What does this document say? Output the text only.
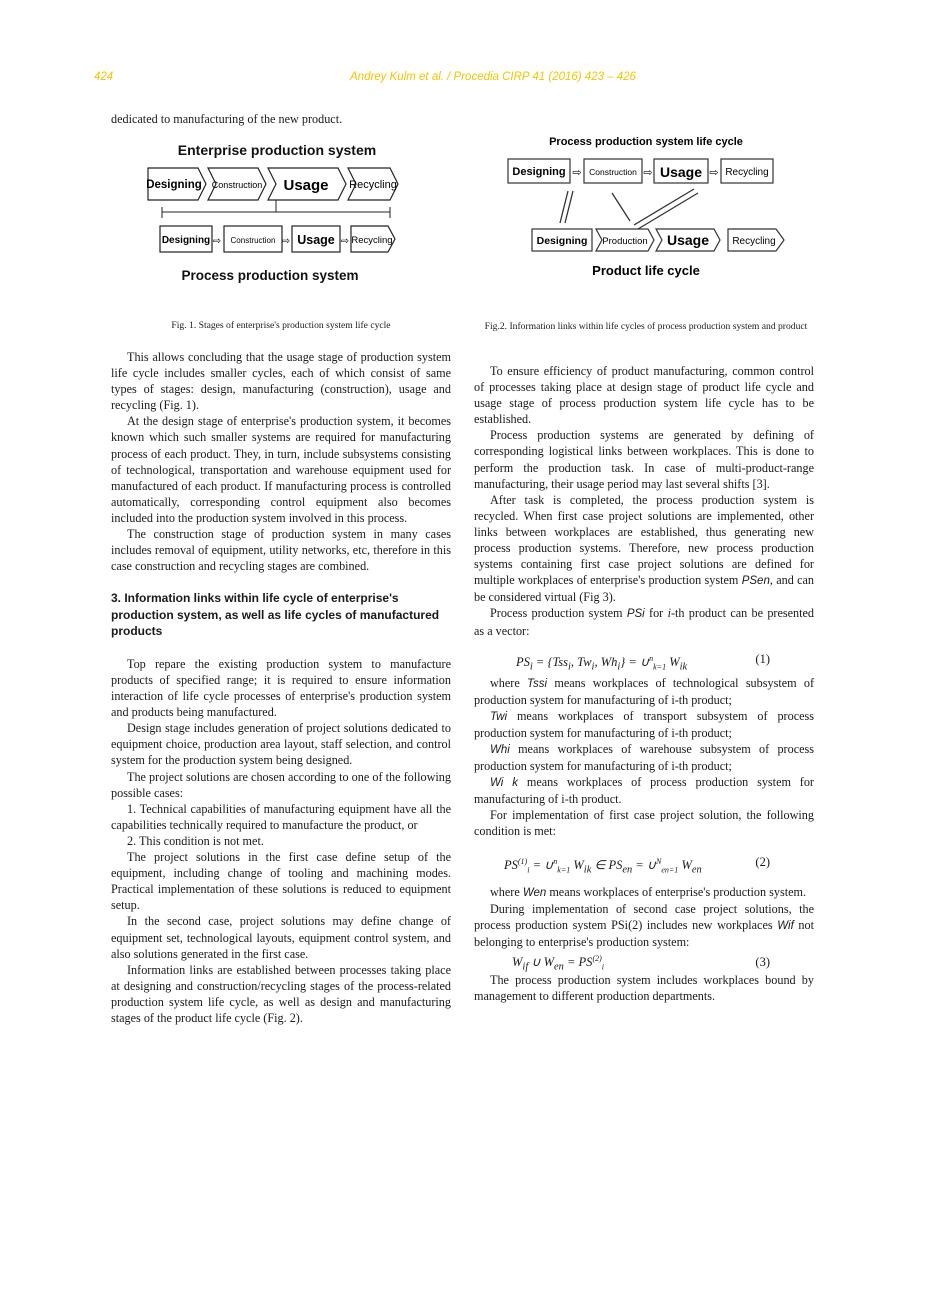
424	Andrey Kulm et al. / Procedia CIRP 41 (2016) 423 – 426

dedicated to manufacturing of the new product.

Enterprise production system
Designing Construction Usage Recycling
Designing ⇨ Construction ⇨ Usage ⇨ Recycling
Process production system
Fig. 1. Stages of enterprise's production system life cycle
Process production system life cycle
Designing ⇨ Construction ⇨ Usage ⇨ Recycling
Designing Production Usage Recycling
Product life cycle
Fig.2. Information links within life cycles of process production system and product

This allows concluding that the usage stage of production system life cycle includes smaller cycles, each of which consist of same types of stages: design, manufacturing (construction), usage and recycling (Fig. 1).

At the design stage of enterprise's production system, it becomes known which such smaller systems are required for manufacturing process of each product. They, in turn, include subsystems consisting of technological, transportation and warehouse equipment used for manufactured of each product. If manufacturing process is controlled automatically, corresponding control equipment also becomes included into the production system involved in this process.

The construction stage of production system in many cases includes removal of equipment, utility networks, etc, therefore in this case construction and recycling stages are combined.

3. Information links within life cycle of enterprise's production system, as well as life cycles of manufactured products

Top repare the existing production system to manufacture products of specified range; it is required to ensure information interaction of life cycle processes of enterprise's production system and products being manufactured.

Design stage includes generation of project solutions dedicated to equipment choice, production area layout, staff selection, and control system for the production system being designed.

The project solutions are chosen according to one of the following possible cases:

1. Technical capabilities of manufacturing equipment have all the capabilities technically required to manufacture the product, or

2. This condition is not met.

The project solutions in the first case define setup of the equipment, including change of tooling and machining modes. Practical implementation of these solutions is reduced to equipment setup.

In the second case, project solutions may define change of equipment set, technological layouts, equipment control system, and also solutions generated in the first case.

Information links are established between processes taking place at designing and construction/recycling stages of the process-related production system life cycle, as well as design and manufacturing stages of the product life cycle (Fig. 2).

To ensure efficiency of product manufacturing, common control of processes taking place at design stage of product life cycle and usage stage of process production system life cycle has to be established.

Process production systems are generated by defining of corresponding logistical links between workplaces. This is done to perform the production task. In case of multi-product-range manufacturing, their usage period may last several shifts [3].

After task is completed, the process production system is recycled. When first case project solutions are implemented, other links between workplaces are established, thus generating new process production systems. Therefore, new process production systems containing first case project solutions are defined for multiple workplaces of enterprise's production system PSen, and can be considered virtual (Fig 3).

Process production system PSi for i-th product can be presented as a vector:

$PS_i = \{Tss_i$, $Tw_i$, $Wh_i$} = ∪$^n_{k=1}$ $W_{ik}$
(1)

where Tssi means workplaces of technological subsystem of production system for manufacturing of i-th product;

Twi means workplaces of transport subsystem of process production system for manufacturing of i-th product;

Whi means workplaces of warehouse subsystem of process production system for manufacturing of i-th product;

Wi k means workplaces of process production system for manufacturing of i-th product.

For implementation of first case project solution, the following condition is met:

$PS^{(1)}_i$ = ∪$^n_{k=1}$ $W_{ik}$ ∈ $PS_{en}$ = ∪$^N_{en=1}$ $W_{en}$
(2)

where Wen means workplaces of enterprise's production system.

During implementation of second case project solutions, the process production system PSi(2) includes new workplaces Wif not belonging to enterprise's production system:

$W_{if}$ ∪ $W_{en} = PS^{(2)}_i$	(3)

The process production system includes workplaces bound by management to different production departments.
